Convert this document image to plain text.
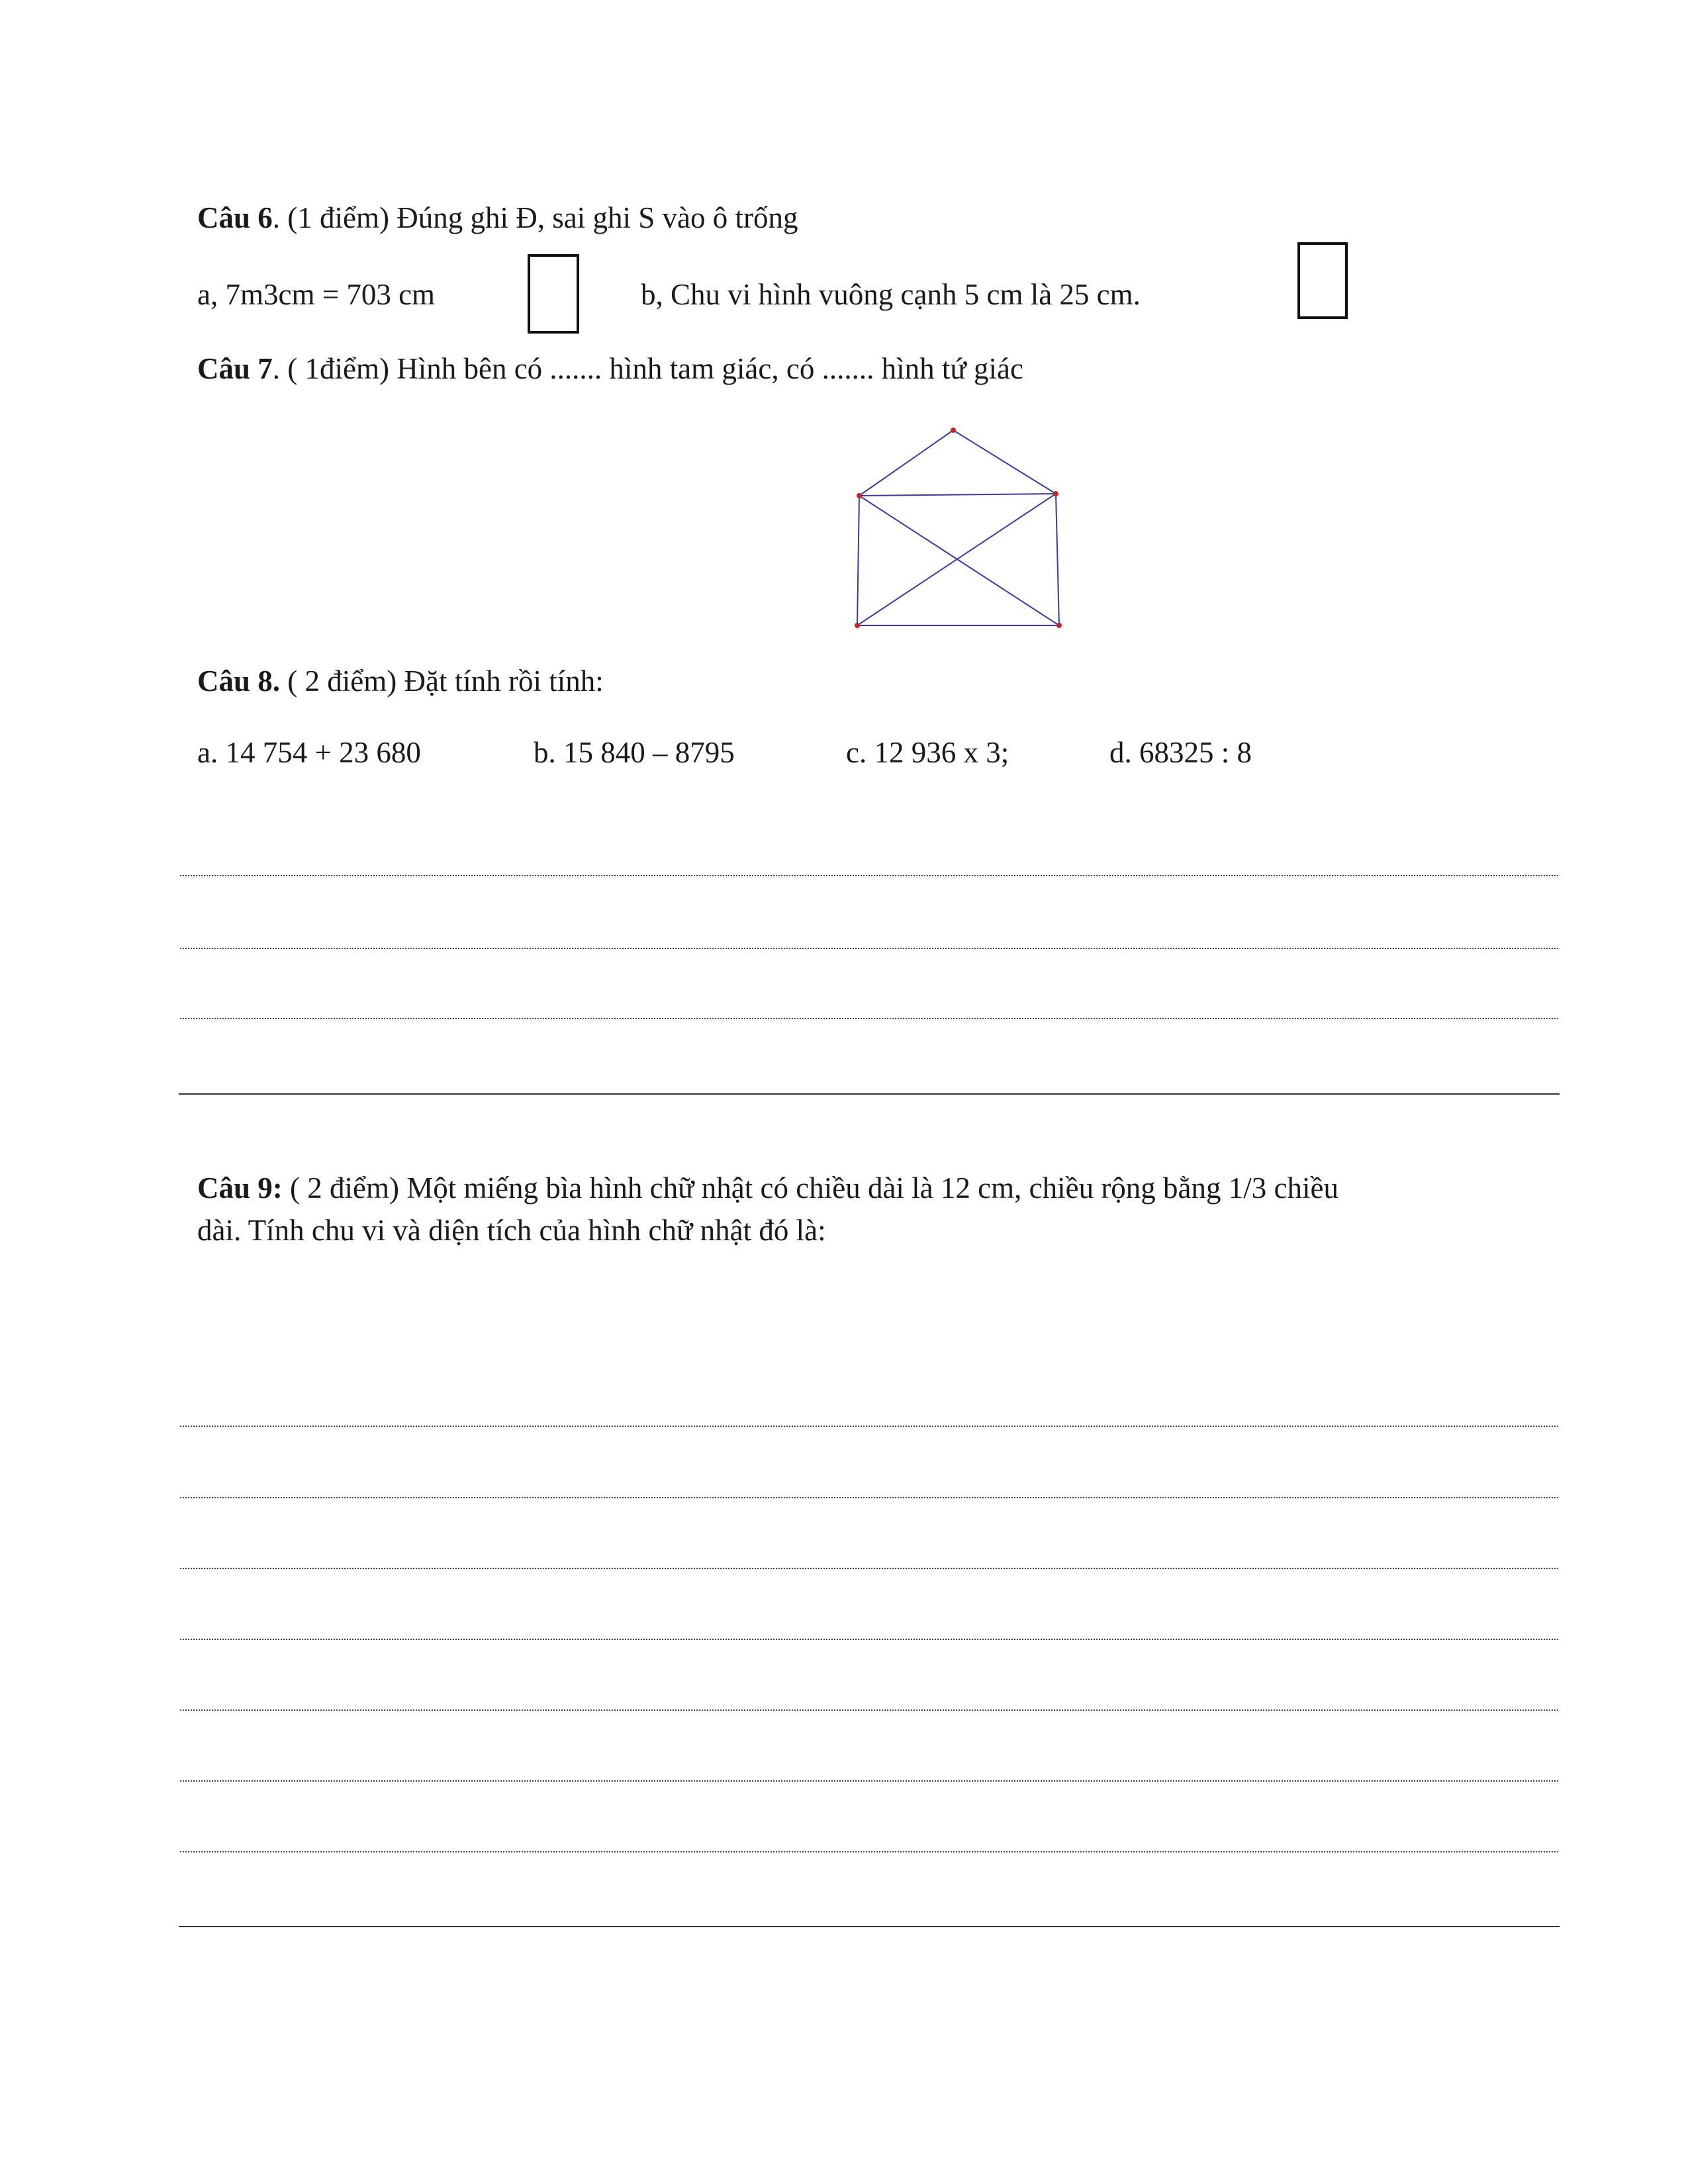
Câu 6. (1 điểm) Đúng ghi Đ, sai ghi S vào ô trống
a, 7m3cm = 703 cm	b, Chu vi hình vuông cạnh 5 cm là 25 cm.
Câu 7. ( 1điểm) Hình bên có ....... hình tam giác, có ....... hình tứ giác
Câu 8. ( 2 điểm) Đặt tính rồi tính:
a. 14 754 + 23 680	b. 15 840 – 8795	c. 12 936 x 3;	d. 68325 : 8
Câu 9: ( 2 điểm) Một miếng bìa hình chữ nhật có chiều dài là 12 cm, chiều rộng bằng 1/3 chiều
dài. Tính chu vi và diện tích của hình chữ nhật đó là:
